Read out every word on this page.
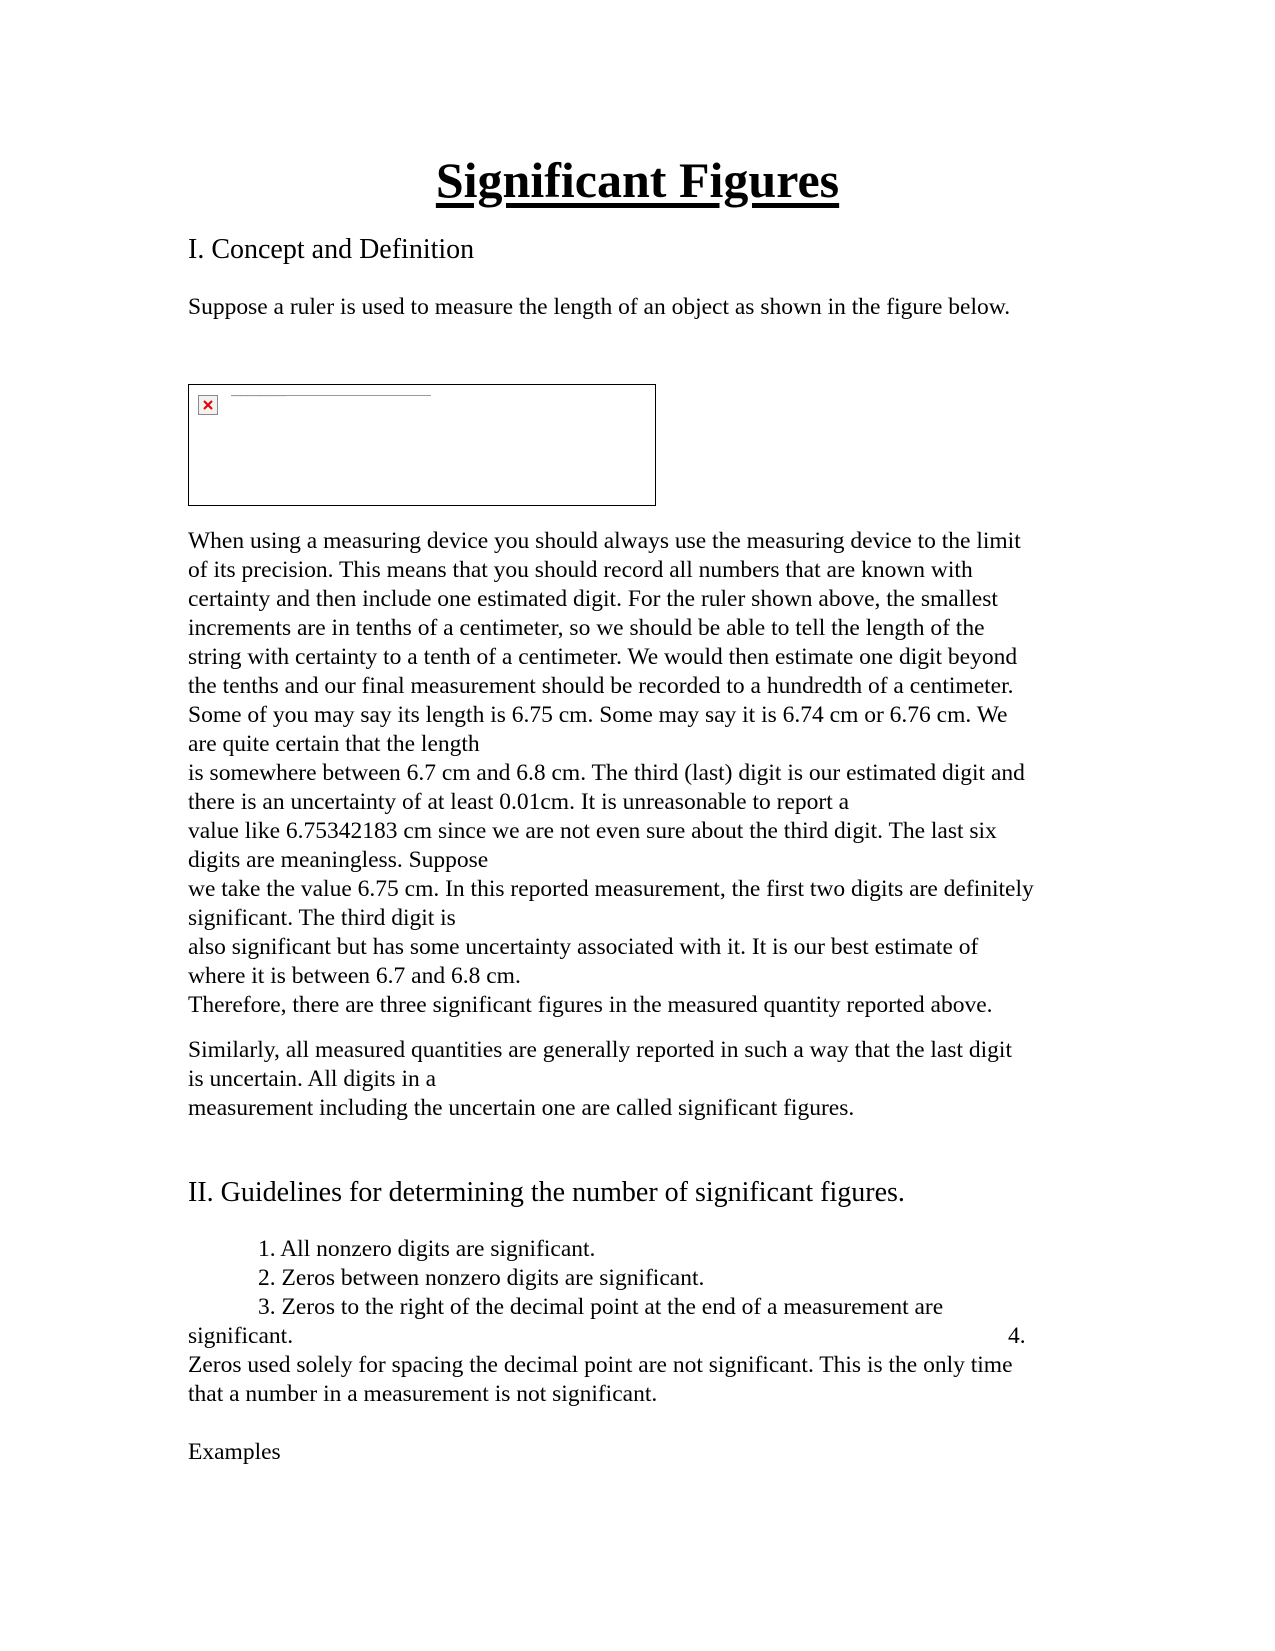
Significant Figures
I. Concept and Definition

Suppose a ruler is used to measure the length of an object as shown in the figure below.

The image cannot be displayed. Your computer may not have enough memory to open the image, or the image may have been corrupted.

When using a measuring device you should always use the measuring device to the limit
of its precision. This means that you should record all numbers that are known with
certainty and then include one estimated digit. For the ruler shown above, the smallest
increments are in tenths of a centimeter, so we should be able to tell the length of the
string with certainty to a tenth of a centimeter. We would then estimate one digit beyond
the tenths and our final measurement should be recorded to a hundredth of a centimeter.
Some of you may say its length is 6.75 cm. Some may say it is 6.74 cm or 6.76 cm. We
are quite certain that the length
is somewhere between 6.7 cm and 6.8 cm. The third (last) digit is our estimated digit and
there is an uncertainty of at least 0.01cm. It is unreasonable to report a
value like 6.75342183 cm since we are not even sure about the third digit. The last six
digits are meaningless. Suppose
we take the value 6.75 cm. In this reported measurement, the first two digits are definitely
significant. The third digit is
also significant but has some uncertainty associated with it. It is our best estimate of
where it is between 6.7 and 6.8 cm.
Therefore, there are three significant figures in the measured quantity reported above.

Similarly, all measured quantities are generally reported in such a way that the last digit
is uncertain. All digits in a
measurement including the uncertain one are called significant figures.

II. Guidelines for determining the number of significant figures.
1. All nonzero digits are significant.
2. Zeros between nonzero digits are significant.
3. Zeros to the right of the decimal point at the end of a measurement are
significant.	4.
Zeros used solely for spacing the decimal point are not significant. This is the only time
that a number in a measurement is not significant.
Examples
